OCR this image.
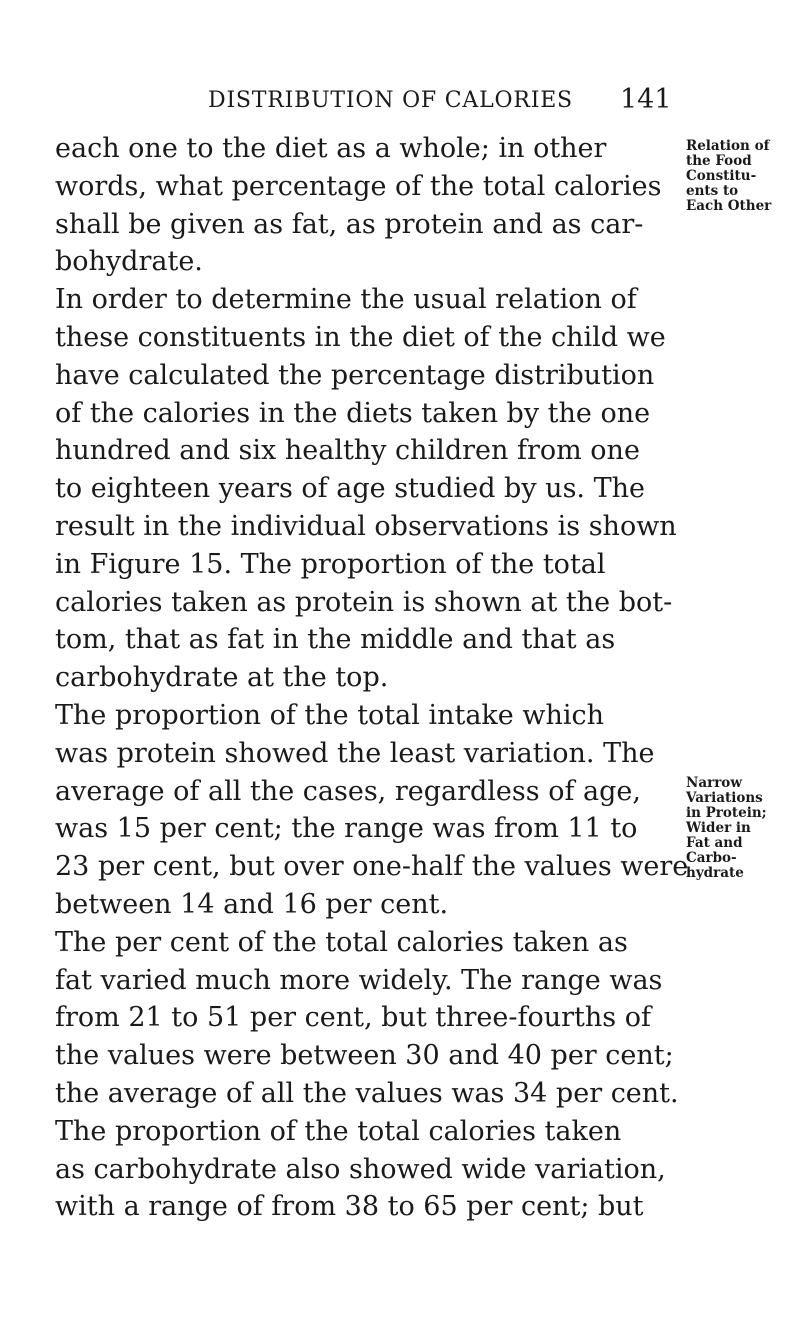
DISTRIBUTION OF CALORIES 141
each one to the diet as a whole; in other
words, what percentage of the total calories
shall be given as fat, as protein and as car-
bohydrate.
In order to determine the usual relation of
these constituents in the diet of the child we
have calculated the percentage distribution
of the calories in the diets taken by the one
hundred and six healthy children from one
to eighteen years of age studied by us. The
result in the individual observations is shown
in Figure 15. The proportion of the total
calories taken as protein is shown at the bot-
tom, that as fat in the middle and that as
carbohydrate at the top.
The proportion of the total intake which
was protein showed the least variation. The
average of all the cases, regardless of age,
was 15 per cent; the range was from 11 to
23 per cent, but over one-half the values were
between 14 and 16 per cent.
The per cent of the total calories taken as
fat varied much more widely. The range was
from 21 to 51 per cent, but three-fourths of
the values were between 30 and 40 per cent;
the average of all the values was 34 per cent.
The proportion of the total calories taken
as carbohydrate also showed wide variation,
with a range of from 38 to 65 per cent; but
Relation of
the Food
Constitu-
ents to
Each Other
Narrow
Variations
in Protein;
Wider in
Fat and
Carbo-
hydrate
